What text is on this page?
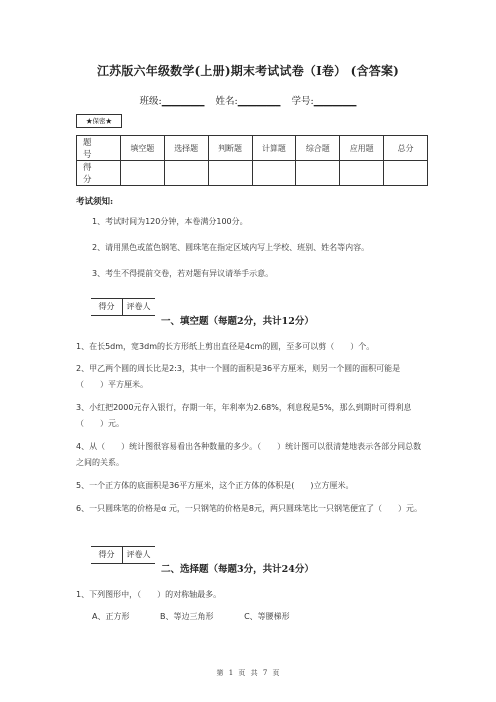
江苏版六年级数学(上册)期末考试试卷（I卷） (含答案)
班级:_________ 姓名:_________ 学号:_________
★保密★
题　号	填空题	选择题	判断题	计算题	综合题	应用题	总分
得　分							
考试须知:
1、考试时间为120分钟，本卷满分100分。
2、请用黑色或蓝色钢笔、圆珠笔在指定区域内写上学校、班别、姓名等内容。
3、考生不得提前交卷，若对题有异议请举手示意。
得分 评卷人
一、填空题（每题2分，共计12分）
1、在长5dm，宽3dm的长方形纸上剪出直径是4cm的圆，至多可以剪（　　）个。
2、甲乙两个圆的周长比是2:3，其中一个圆的面积是36平方厘米，则另一个圆的面积可能是（　　）平方厘米。
3、小红把2000元存入银行，存期一年，年利率为2.68%，利息税是5%，那么到期时可得利息（　　）元。
4、从（　　）统计图很容易看出各种数量的多少。（　　）统计图可以很清楚地表示各部分同总数之间的关系。
5、一个正方体的底面积是36平方厘米，这个正方体的体积是(　　)立方厘米。
6、一只圆珠笔的价格是α 元，一只钢笔的价格是8元，两只圆珠笔比一只钢笔便宜了（　　）元。
得分 评卷人
二、选择题（每题3分，共计24分）
1、下列图形中，（　　）的对称轴最多。
A、正方形	B、等边三角形	C、等腰梯形
第 1 页 共 7 页
